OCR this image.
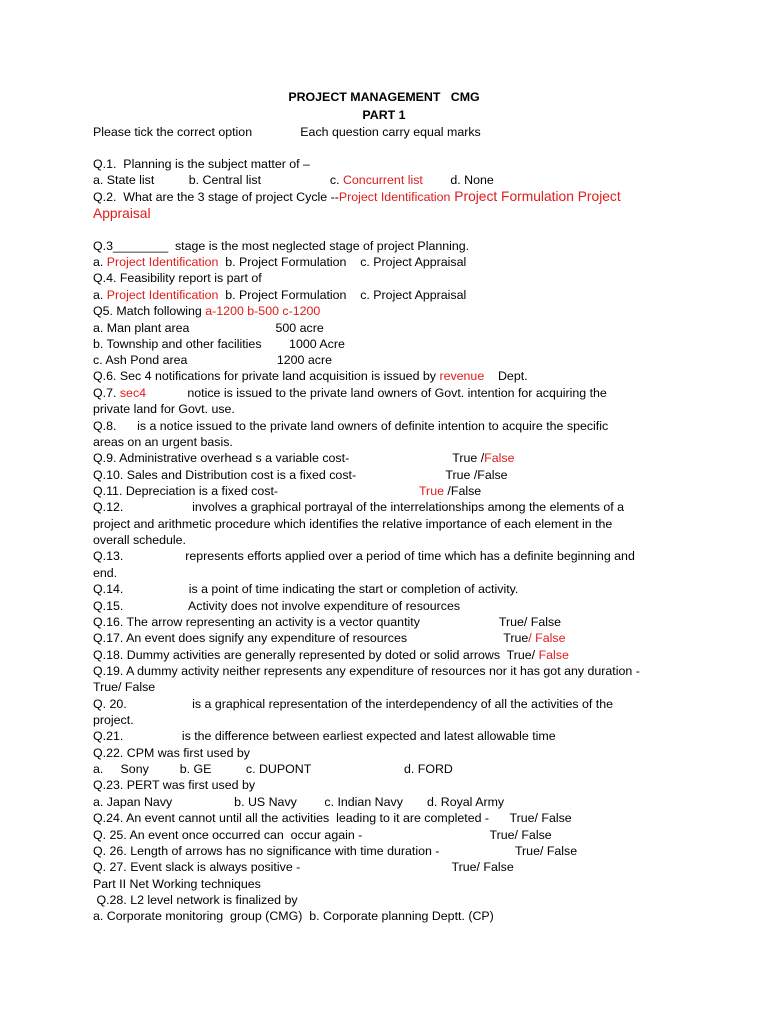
PROJECT MANAGEMENT   CMG
PART 1
Please tick the correct option              Each question carry equal marks
Q.1.  Planning is the subject matter of –
a. State list          b. Central list                    c. Concurrent list        d. None
Q.2.  What are the 3 stage of project Cycle --Project Identification Project Formulation Project
Appraisal
Q.3________  stage is the most neglected stage of project Planning.
a. Project Identification  b. Project Formulation    c. Project Appraisal
Q.4. Feasibility report is part of
a. Project Identification  b. Project Formulation    c. Project Appraisal
Q5. Match following a-1200 b-500 c-1200
a. Man plant area                         500 acre
b. Township and other facilities        1000 Acre
c. Ash Pond area                          1200 acre
Q.6. Sec 4 notifications for private land acquisition is issued by revenue    Dept.
Q.7. sec4            notice is issued to the private land owners of Govt. intention for acquiring the
private land for Govt. use.
Q.8.      is a notice issued to the private land owners of definite intention to acquire the specific
areas on an urgent basis.
Q.9. Administrative overhead s a variable cost-                              True /False
Q.10. Sales and Distribution cost is a fixed cost-                          True /False
Q.11. Depreciation is a fixed cost-                                         True /False
Q.12.                    involves a graphical portrayal of the interrelationships among the elements of a
project and arithmetic procedure which identifies the relative importance of each element in the
overall schedule.
Q.13.                  represents efforts applied over a period of time which has a definite beginning and
end.
Q.14.                   is a point of time indicating the start or completion of activity.
Q.15.                   Activity does not involve expenditure of resources
Q.16. The arrow representing an activity is a vector quantity                       True/ False
Q.17. An event does signify any expenditure of resources                            True/ False
Q.18. Dummy activities are generally represented by doted or solid arrows  True/ False
Q.19. A dummy activity neither represents any expenditure of resources nor it has got any duration -
True/ False
Q. 20.                   is a graphical representation of the interdependency of all the activities of the
project.
Q.21.                 is the difference between earliest expected and latest allowable time
Q.22. CPM was first used by
a.     Sony         b. GE          c. DUPONT                           d. FORD
Q.23. PERT was first used by
a. Japan Navy                  b. US Navy        c. Indian Navy       d. Royal Army
Q.24. An event cannot until all the activities  leading to it are completed -      True/ False
Q. 25. An event once occurred can  occur again -                                     True/ False
Q. 26. Length of arrows has no significance with time duration -                      True/ False
Q. 27. Event slack is always positive -                                            True/ False
Part II Net Working techniques
Q.28. L2 level network is finalized by
a. Corporate monitoring  group (CMG)  b. Corporate planning Deptt. (CP)
